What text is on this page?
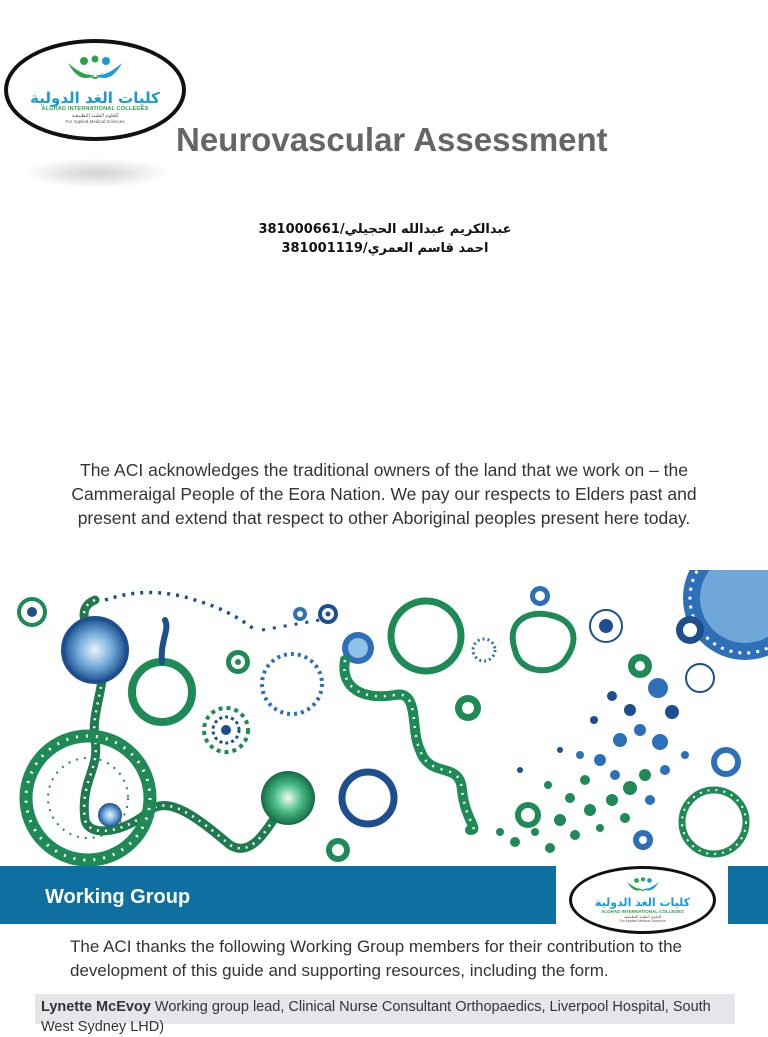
كليات الغد الدولية
ALGHAD INTERNATIONAL COLLEGES
للعلوم الطبية التطبيقية
For Applied Medical Sciences Neurovascular Assessment
عبدالكريم عبدالله الحجيلي/381000661
احمد قاسم العمري/381001119
The ACI acknowledges the traditional owners of the land that we work on – the Cammeraigal People of the Eora Nation. We pay our respects to Elders past and present and extend that respect to other Aboriginal peoples present here today.
Working Group	كليات الغد الدولية
ALGHAD INTERNATIONAL COLLEGES
للعلوم الطبية التطبيقية
For Applied Medical Sciences
The ACI thanks the following Working Group members for their contribution to the development of this guide and supporting resources, including the form.
Lynette McEvoy Working group lead, Clinical Nurse Consultant Orthopaedics, Liverpool Hospital, South West Sydney LHD)
